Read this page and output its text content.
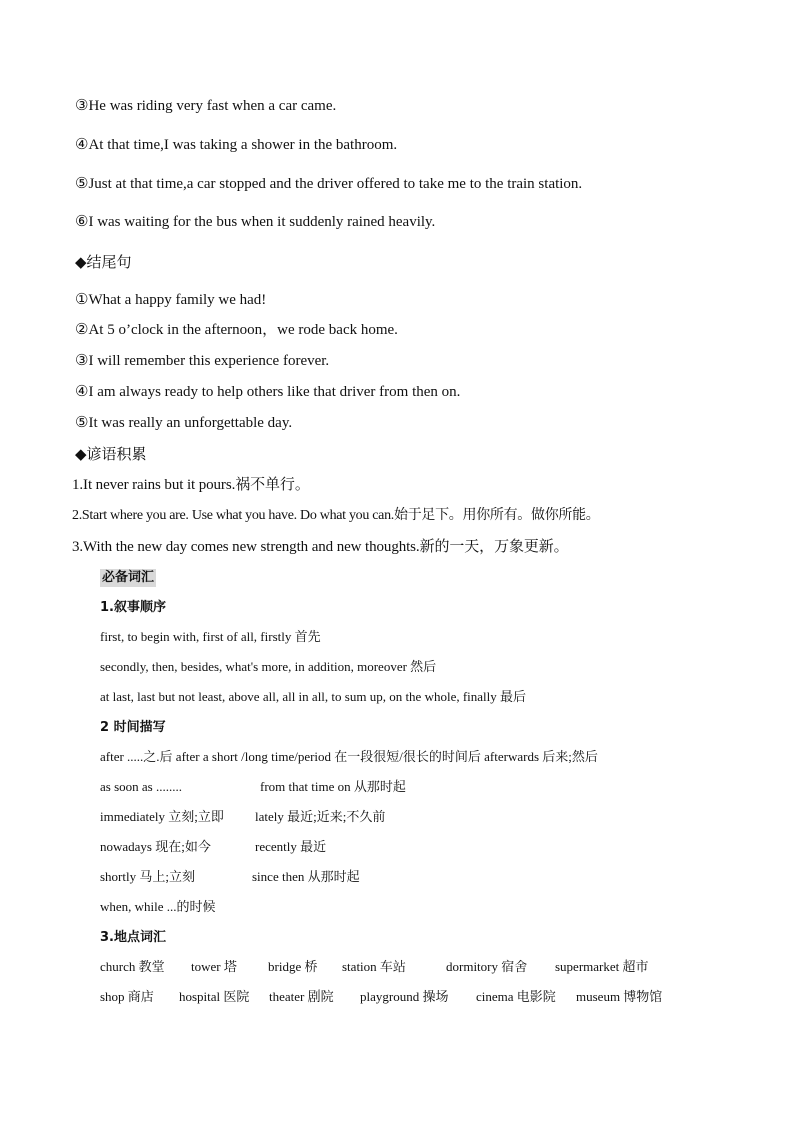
③He was riding very fast when a car came.
④At that time,I was taking a shower in the bathroom.
⑤Just at that time,a car stopped and the driver offered to take me to the train station.
⑥I was waiting for the bus when it suddenly rained heavily.
◆结尾句
①What a happy family we had!
②At 5 o’clock in the afternoon，we rode back home.
③I will remember this experience forever.
④I am always ready to help others like that driver from then on.
⑤It was really an unforgettable day.
◆谚语积累
1.It never rains but it pours.祸不单行。
2.Start where you are. Use what you have. Do what you can.始于足下。用你所有。做你所能。
3.With the new day comes new strength and new thoughts.新的一天，万象更新。
必备词汇
1.叙事顺序
first, to begin with, first of all, firstly 首先
secondly, then, besides, what's more, in addition, moreover 然后
at last, last but not least, above all, all in all, to sum up, on the whole, finally 最后
2 时间描写
after .....之.后 after a short /long time/period 在一段很短/很长的时间后 afterwards 后来;然后
as soon as ........	from that time on 从那时起
immediately 立刻;立即 lately 最近;近来;不久前
nowadays 现在;如今	recently 最近
shortly 马上;立刻	since then 从那时起
when, while ...的时候
3.地点词汇
church 教堂 tower 塔 bridge 桥 station 车站	dormitory 宿舍 supermarket 超市
shop 商店 hospital 医院 theater 剧院 playground 操场 cinema 电影院 museum 博物馆
